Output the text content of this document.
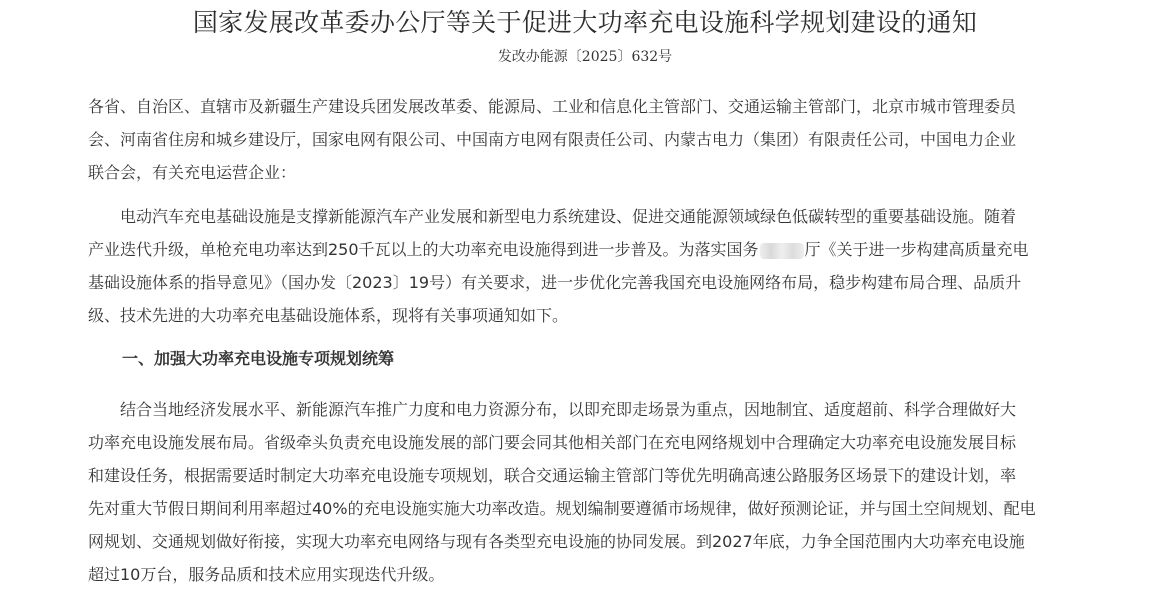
国家发展改革委办公厅等关于促进大功率充电设施科学规划建设的通知
发改办能源〔2025〕632号
各省、自治区、直辖市及新疆生产建设兵团发展改革委、能源局、工业和信息化主管部门、交通运输主管部门，北京市城市管理委员
会、河南省住房和城乡建设厅，国家电网有限公司、中国南方电网有限责任公司、内蒙古电力（集团）有限责任公司，中国电力企业
联合会，有关充电运营企业：
　　电动汽车充电基础设施是支撑新能源汽车产业发展和新型电力系统建设、促进交通能源领域绿色低碳转型的重要基础设施。随着
产业迭代升级，单枪充电功率达到250千瓦以上的大功率充电设施得到进一步普及。为落实国务	厅《关于进一步构建高质量充电
基础设施体系的指导意见》（国办发〔2023〕19号）有关要求，进一步优化完善我国充电设施网络布局，稳步构建布局合理、品质升
级、技术先进的大功率充电基础设施体系，现将有关事项通知如下。
一、加强大功率充电设施专项规划统筹
　　结合当地经济发展水平、新能源汽车推广力度和电力资源分布，以即充即走场景为重点，因地制宜、适度超前、科学合理做好大
功率充电设施发展布局。省级牵头负责充电设施发展的部门要会同其他相关部门在充电网络规划中合理确定大功率充电设施发展目标
和建设任务，根据需要适时制定大功率充电设施专项规划，联合交通运输主管部门等优先明确高速公路服务区场景下的建设计划，率
先对重大节假日期间利用率超过40%的充电设施实施大功率改造。规划编制要遵循市场规律，做好预测论证，并与国土空间规划、配电
网规划、交通规划做好衔接，实现大功率充电网络与现有各类型充电设施的协同发展。到2027年底，力争全国范围内大功率充电设施
超过10万台，服务品质和技术应用实现迭代升级。
